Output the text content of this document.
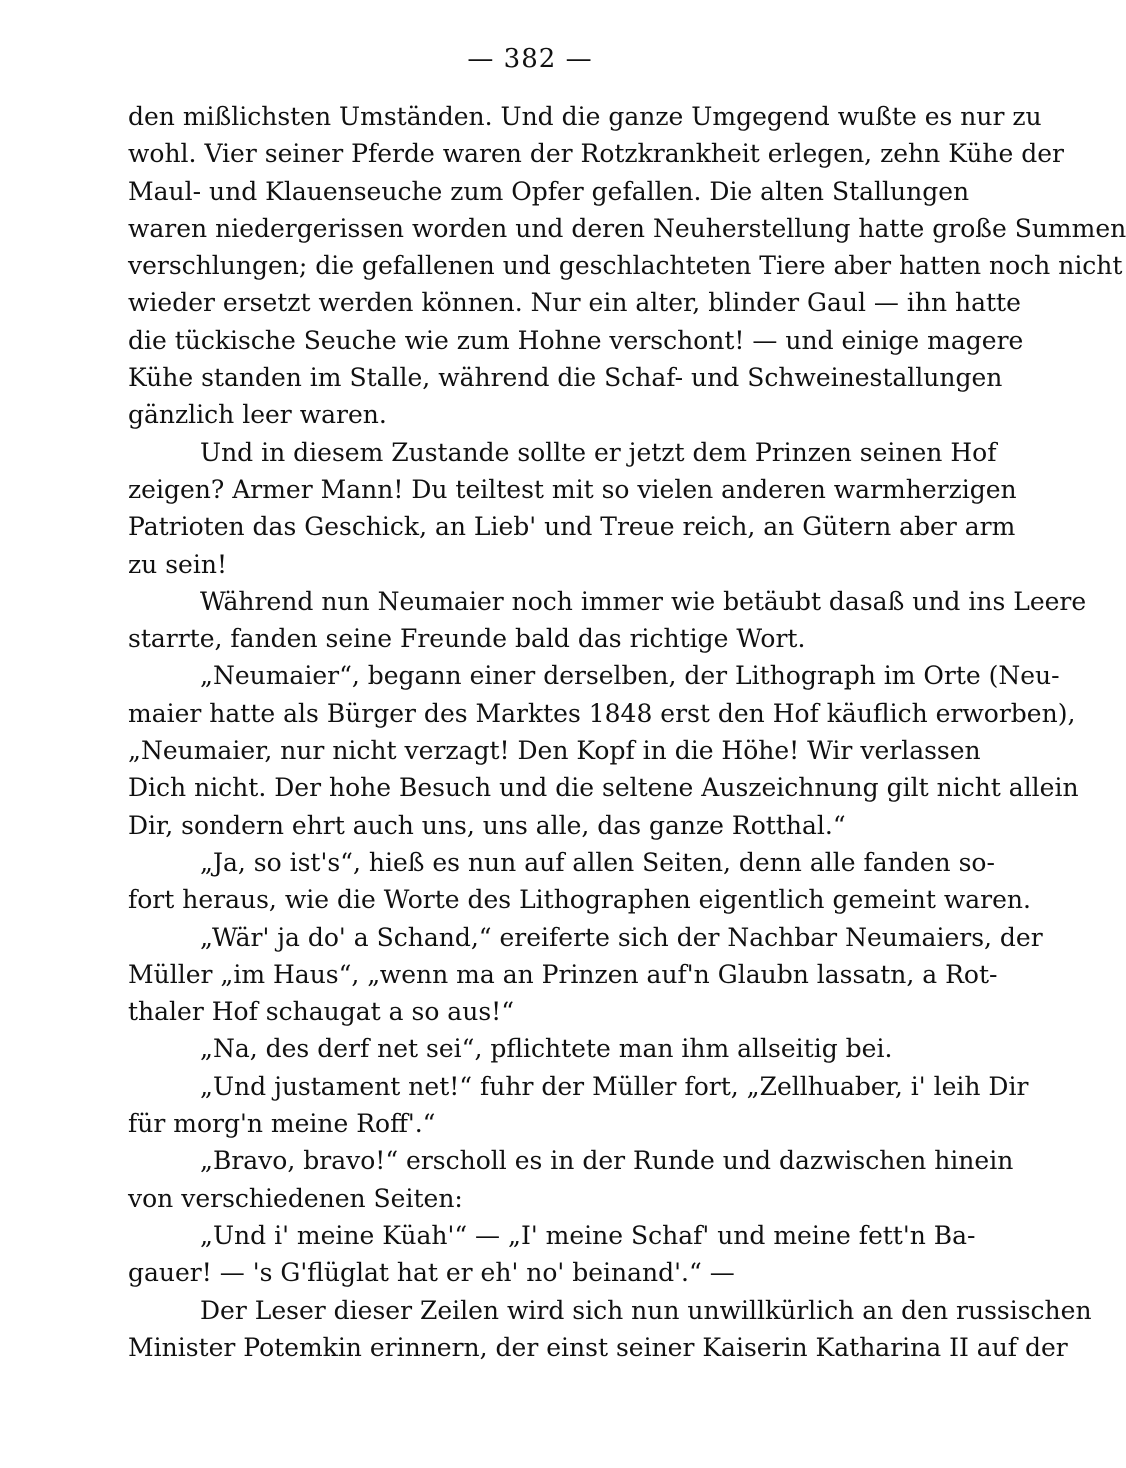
— 382 —
den mißlichsten Umständen. Und die ganze Umgegend wußte es nur zu
wohl. Vier seiner Pferde waren der Rotzkrankheit erlegen, zehn Kühe der
Maul- und Klauenseuche zum Opfer gefallen. Die alten Stallungen
waren niedergerissen worden und deren Neuherstellung hatte große Summen
verschlungen; die gefallenen und geschlachteten Tiere aber hatten noch nicht
wieder ersetzt werden können. Nur ein alter, blinder Gaul — ihn hatte
die tückische Seuche wie zum Hohne verschont! — und einige magere
Kühe standen im Stalle, während die Schaf- und Schweinestallungen
gänzlich leer waren.
Und in diesem Zustande sollte er jetzt dem Prinzen seinen Hof
zeigen? Armer Mann! Du teiltest mit so vielen anderen warmherzigen
Patrioten das Geschick, an Lieb' und Treue reich, an Gütern aber arm
zu sein!
Während nun Neumaier noch immer wie betäubt dasaß und ins Leere
starrte, fanden seine Freunde bald das richtige Wort.
„Neumaier“, begann einer derselben, der Lithograph im Orte (Neu-
maier hatte als Bürger des Marktes 1848 erst den Hof käuflich erworben),
„Neumaier, nur nicht verzagt! Den Kopf in die Höhe! Wir verlassen
Dich nicht. Der hohe Besuch und die seltene Auszeichnung gilt nicht allein
Dir, sondern ehrt auch uns, uns alle, das ganze Rotthal.“
„Ja, so ist's“, hieß es nun auf allen Seiten, denn alle fanden so-
fort heraus, wie die Worte des Lithographen eigentlich gemeint waren.
„Wär' ja do' a Schand,“ ereiferte sich der Nachbar Neumaiers, der
Müller „im Haus“, „wenn ma an Prinzen auf'n Glaubn lassatn, a Rot-
thaler Hof schaugat a so aus!“
„Na, des derf net sei“, pflichtete man ihm allseitig bei.
„Und justament net!“ fuhr der Müller fort, „Zellhuaber, i' leih Dir
für morg'n meine Roff'.“
„Bravo, bravo!“ erscholl es in der Runde und dazwischen hinein
von verschiedenen Seiten:
„Und i' meine Küah'“ — „I' meine Schaf' und meine fett'n Ba-
gauer! — 's G'flüglat hat er eh' no' beinand'.“ —
Der Leser dieser Zeilen wird sich nun unwillkürlich an den russischen
Minister Potemkin erinnern, der einst seiner Kaiserin Katharina II auf der
